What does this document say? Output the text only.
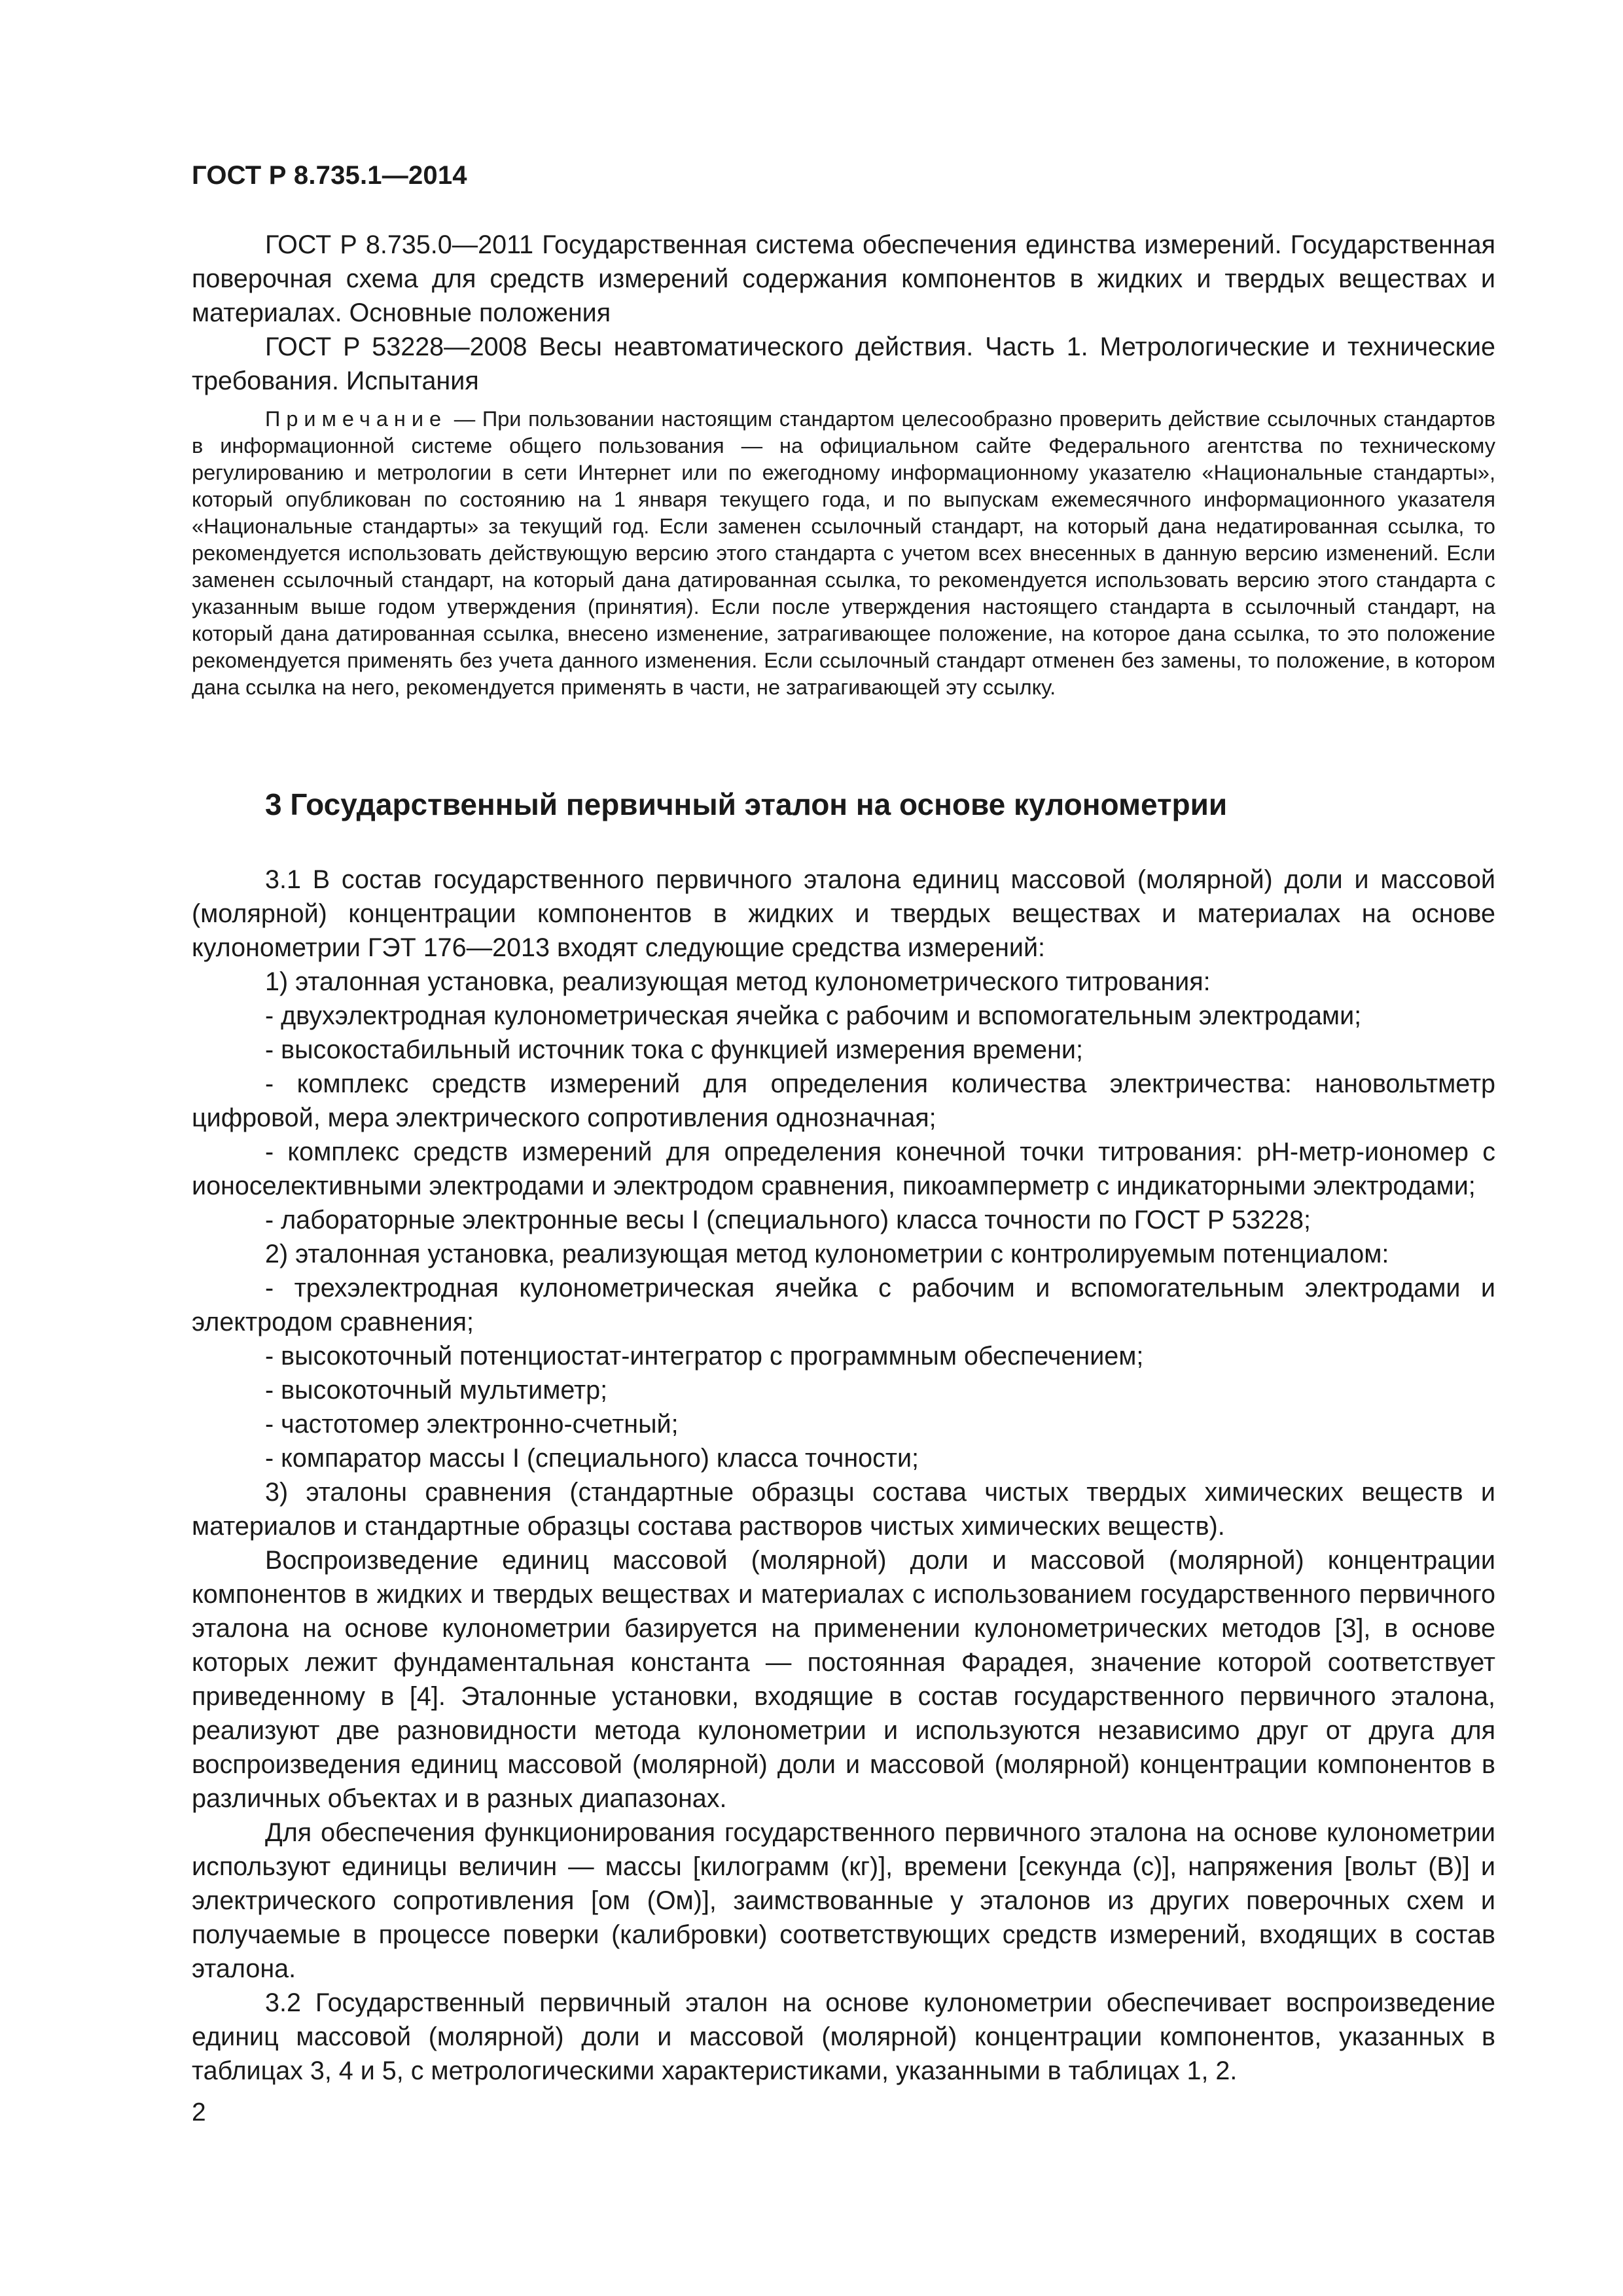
ГОСТ Р 8.735.1—2014

ГОСТ Р 8.735.0—2011 Государственная система обеспечения единства измерений. Государственная поверочная схема для средств измерений содержания компонентов в жидких и твердых веществах и материалах. Основные положения

ГОСТ Р 53228—2008 Весы неавтоматического действия. Часть 1. Метрологические и технические требования. Испытания

Примечание — При пользовании настоящим стандартом целесообразно проверить действие ссылочных стандартов в информационной системе общего пользования — на официальном сайте Федерального агентства по техническому регулированию и метрологии в сети Интернет или по ежегодному информационному указателю «Национальные стандарты», который опубликован по состоянию на 1 января текущего года, и по выпускам ежемесячного информационного указателя «Национальные стандарты» за текущий год. Если заменен ссылочный стандарт, на который дана недатированная ссылка, то рекомендуется использовать действующую версию этого стандарта с учетом всех внесенных в данную версию изменений. Если заменен ссылочный стандарт, на который дана датированная ссылка, то рекомендуется использовать версию этого стандарта с указанным выше годом утверждения (принятия). Если после утверждения настоящего стандарта в ссылочный стандарт, на который дана датированная ссылка, внесено изменение, затрагивающее положение, на которое дана ссылка, то это положение рекомендуется применять без учета данного изменения. Если ссылочный стандарт отменен без замены, то положение, в котором дана ссылка на него, рекомендуется применять в части, не затрагивающей эту ссылку.

3 Государственный первичный эталон на основе кулонометрии

3.1 В состав государственного первичного эталона единиц массовой (молярной) доли и массовой (молярной) концентрации компонентов в жидких и твердых веществах и материалах на основе кулонометрии ГЭТ 176—2013 входят следующие средства измерений:

1) эталонная установка, реализующая метод кулонометрического титрования:

- двухэлектродная кулонометрическая ячейка с рабочим и вспомогательным электродами;

- высокостабильный источник тока с функцией измерения времени;

- комплекс средств измерений для определения количества электричества: нановольтметр цифровой, мера электрического сопротивления однозначная;

- комплекс средств измерений для определения конечной точки титрования: pH-метр-иономер с ионоселективными электродами и электродом сравнения, пикоамперметр с индикаторными электродами;

- лабораторные электронные весы I (специального) класса точности по ГОСТ Р 53228;

2) эталонная установка, реализующая метод кулонометрии с контролируемым потенциалом:

- трехэлектродная кулонометрическая ячейка с рабочим и вспомогательным электродами и электродом сравнения;

- высокоточный потенциостат-интегратор с программным обеспечением;

- высокоточный мультиметр;

- частотомер электронно-счетный;

- компаратор массы I (специального) класса точности;

3) эталоны сравнения (стандартные образцы состава чистых твердых химических веществ и материалов и стандартные образцы состава растворов чистых химических веществ).

Воспроизведение единиц массовой (молярной) доли и массовой (молярной) концентрации компонентов в жидких и твердых веществах и материалах с использованием государственного первичного эталона на основе кулонометрии базируется на применении кулонометрических методов [3], в основе которых лежит фундаментальная константа — постоянная Фарадея, значение которой соответствует приведенному в [4]. Эталонные установки, входящие в состав государственного первичного эталона, реализуют две разновидности метода кулонометрии и используются независимо друг от друга для воспроизведения единиц массовой (молярной) доли и массовой (молярной) концентрации компонентов в различных объектах и в разных диапазонах.

Для обеспечения функционирования государственного первичного эталона на основе кулонометрии используют единицы величин — массы [килограмм (кг)], времени [секунда (с)], напряжения [вольт (В)] и электрического сопротивления [ом (Ом)], заимствованные у эталонов из других поверочных схем и получаемые в процессе поверки (калибровки) соответствующих средств измерений, входящих в состав эталона.

3.2 Государственный первичный эталон на основе кулонометрии обеспечивает воспроизведение единиц массовой (молярной) доли и массовой (молярной) концентрации компонентов, указанных в таблицах 3, 4 и 5, с метрологическими характеристиками, указанными в таблицах 1, 2.

2
